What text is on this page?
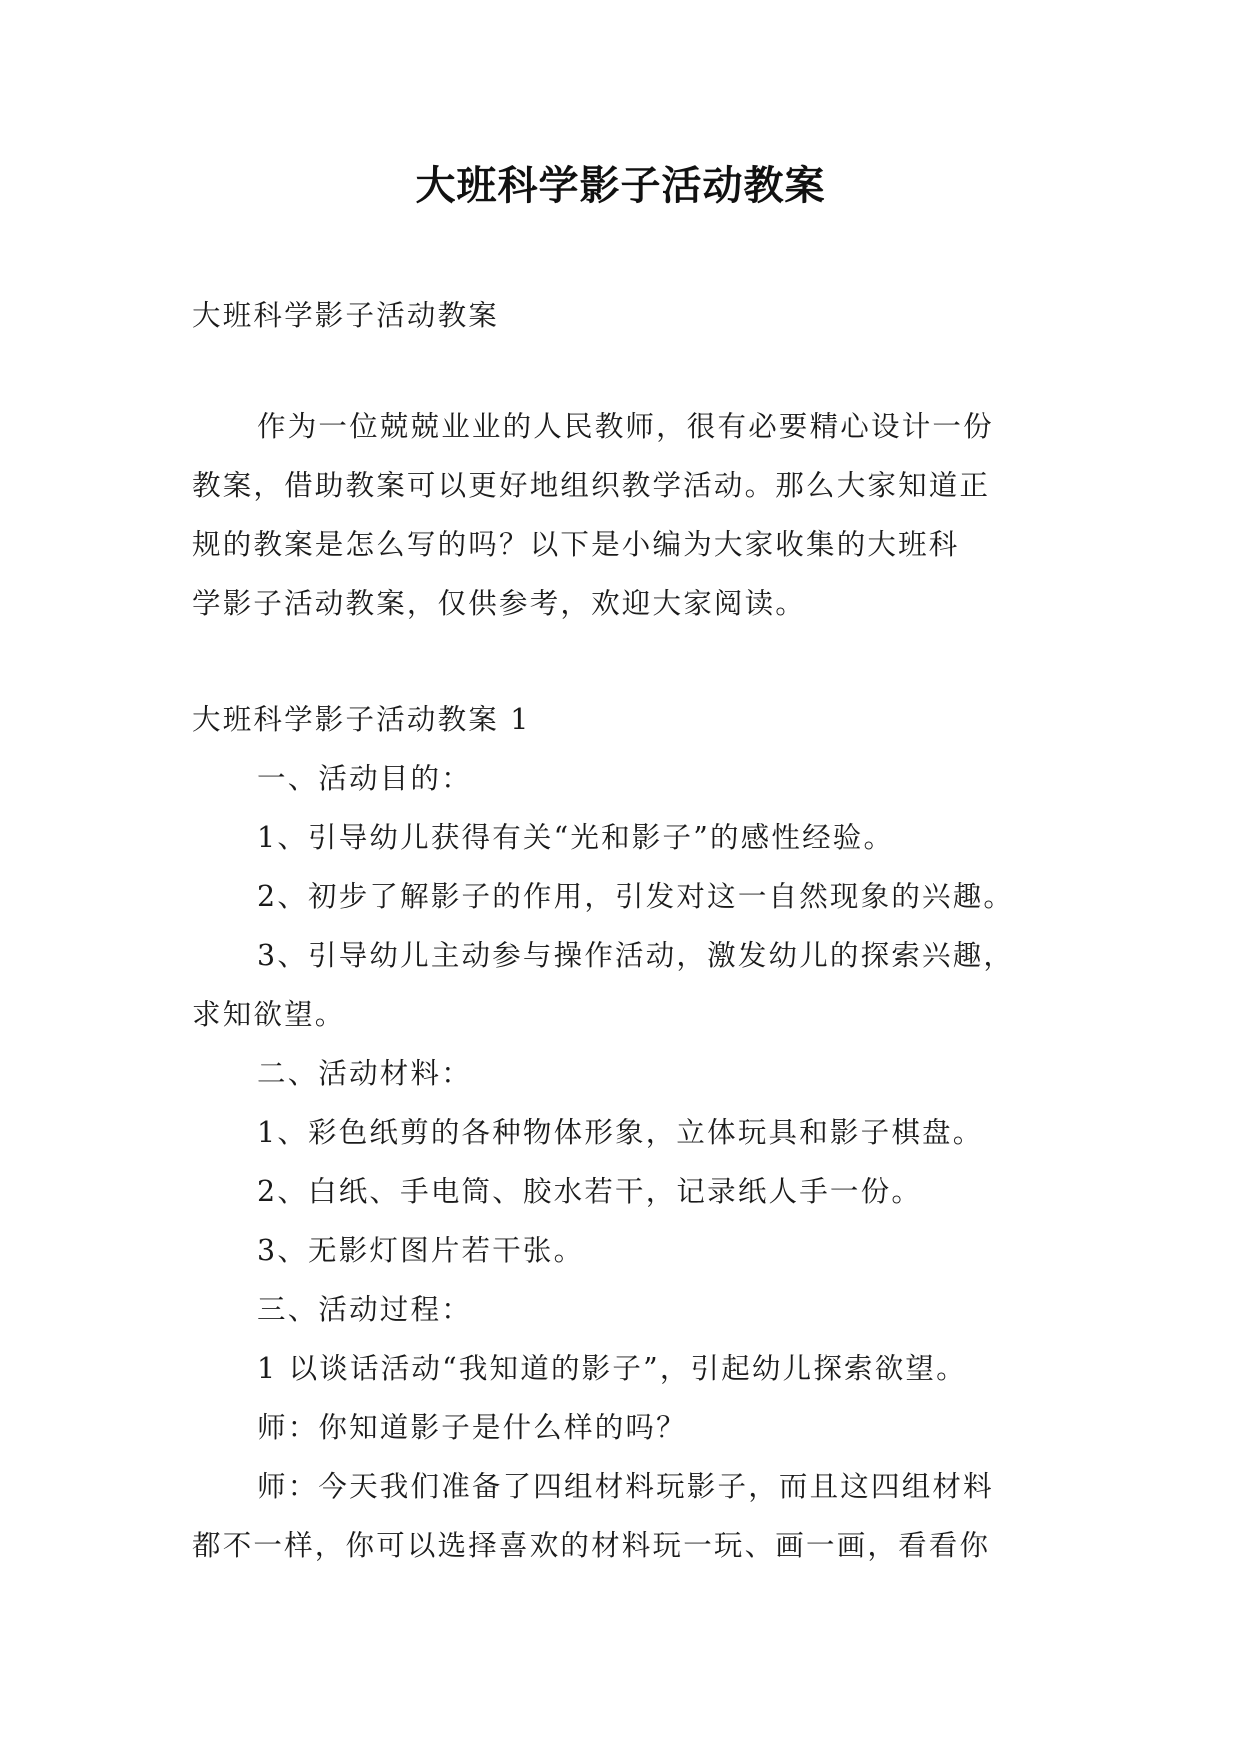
大班科学影子活动教案
大班科学影子活动教案
作为一位兢兢业业的人民教师，很有必要精心设计一份
教案，借助教案可以更好地组织教学活动。那么大家知道正
规的教案是怎么写的吗？以下是小编为大家收集的大班科
学影子活动教案，仅供参考，欢迎大家阅读。
大班科学影子活动教案 1
一、活动目的：
1、引导幼儿获得有关“光和影子”的感性经验。
2、初步了解影子的作用，引发对这一自然现象的兴趣。
3、引导幼儿主动参与操作活动，激发幼儿的探索兴趣，
求知欲望。
二、活动材料：
1、彩色纸剪的各种物体形象，立体玩具和影子棋盘。
2、白纸、手电筒、胶水若干，记录纸人手一份。
3、无影灯图片若干张。
三、活动过程：
1 以谈话活动“我知道的影子”，引起幼儿探索欲望。
师：你知道影子是什么样的吗？
师：今天我们准备了四组材料玩影子，而且这四组材料
都不一样，你可以选择喜欢的材料玩一玩、画一画，看看你
